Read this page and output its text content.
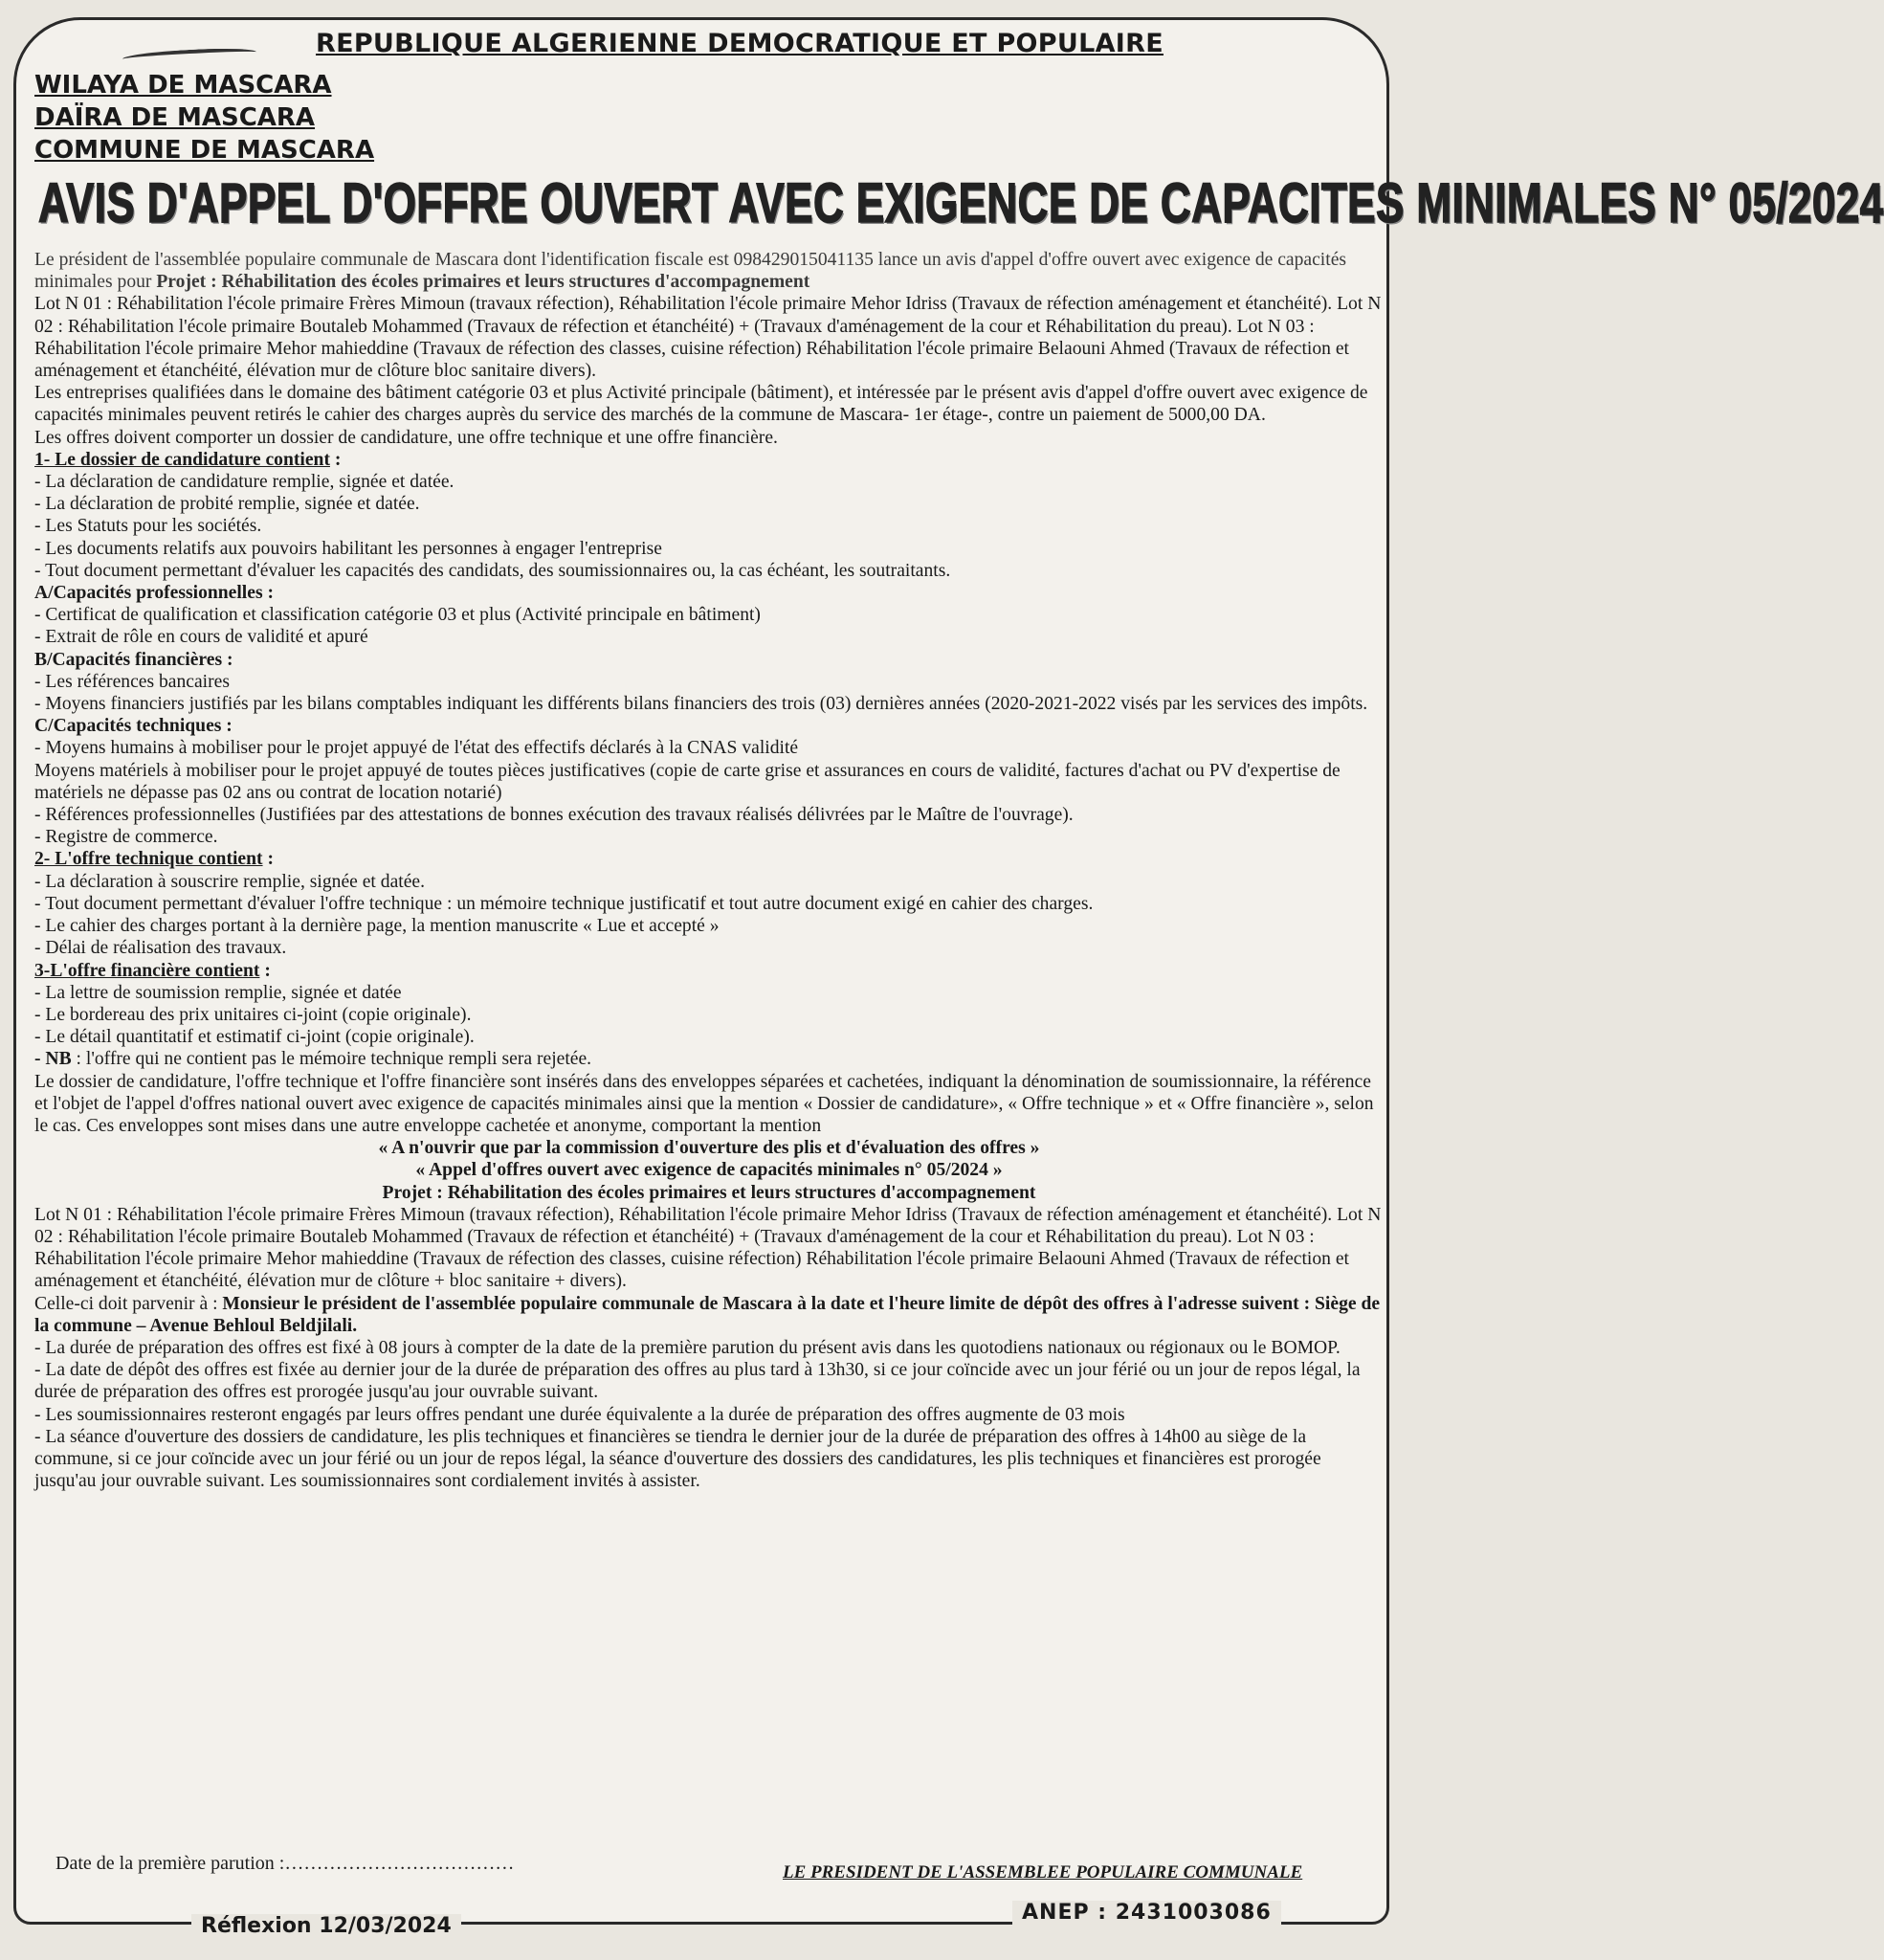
REPUBLIQUE ALGERIENNE DEMOCRATIQUE ET POPULAIRE
WILAYA DE MASCARA
DAÏRA DE MASCARA
COMMUNE DE MASCARA
AVIS D'APPEL D'OFFRE OUVERT AVEC EXIGENCE DE CAPACITES MINIMALES N° 05/2024

Le président de l'assemblée populaire communale de Mascara dont l'identification fiscale est 098429015041135 lance un avis d'appel d'offre ouvert avec exigence de capacités minimales pour Projet : Réhabilitation des écoles primaires et leurs structures d'accompagnement

Lot N 01 : Réhabilitation l'école primaire Frères Mimoun (travaux réfection), Réhabilitation l'école primaire Mehor Idriss (Travaux de réfection aménagement et étanchéité). Lot N 02 : Réhabilitation l'école primaire Boutaleb Mohammed (Travaux de réfection et étanchéité) + (Travaux d'aménagement de la cour et Réhabilitation du preau). Lot N 03 : Réhabilitation l'école primaire Mehor mahieddine (Travaux de réfection des classes, cuisine réfection) Réhabilitation l'école primaire Belaouni Ahmed (Travaux de réfection et aménagement et étanchéité, élévation mur de clôture bloc sanitaire divers).

Les entreprises qualifiées dans le domaine des bâtiment catégorie 03 et plus Activité principale (bâtiment), et intéressée par le présent avis d'appel d'offre ouvert avec exigence de capacités minimales peuvent retirés le cahier des charges auprès du service des marchés de la commune de Mascara- 1er étage-, contre un paiement de 5000,00 DA.

Les offres doivent comporter un dossier de candidature, une offre technique et une offre financière.

1- Le dossier de candidature contient :

- La déclaration de candidature remplie, signée et datée.

- La déclaration de probité remplie, signée et datée.

- Les Statuts pour les sociétés.

- Les documents relatifs aux pouvoirs habilitant les personnes à engager l'entreprise

- Tout document permettant d'évaluer les capacités des candidats, des soumissionnaires ou, la cas échéant, les soutraitants.

A/Capacités professionnelles :

- Certificat de qualification et classification catégorie 03 et plus (Activité principale en bâtiment)

- Extrait de rôle en cours de validité et apuré

B/Capacités financières :

- Les références bancaires

- Moyens financiers justifiés par les bilans comptables indiquant les différents bilans financiers des trois (03) dernières années (2020-2021-2022 visés par les services des impôts.

C/Capacités techniques :

- Moyens humains à mobiliser pour le projet appuyé de l'état des effectifs déclarés à la CNAS validité

Moyens matériels à mobiliser pour le projet appuyé de toutes pièces justificatives (copie de carte grise et assurances en cours de validité, factures d'achat ou PV d'expertise de matériels ne dépasse pas 02 ans ou contrat de location notarié)

- Références professionnelles (Justifiées par des attestations de bonnes exécution des travaux réalisés délivrées par le Maître de l'ouvrage).

- Registre de commerce.

2- L'offre technique contient :

- La déclaration à souscrire remplie, signée et datée.

- Tout document permettant d'évaluer l'offre technique : un mémoire technique justificatif et tout autre document exigé en cahier des charges.

- Le cahier des charges portant à la dernière page, la mention manuscrite « Lue et accepté »

- Délai de réalisation des travaux.

3-L'offre financière contient :

- La lettre de soumission remplie, signée et datée

- Le bordereau des prix unitaires ci-joint (copie originale).

- Le détail quantitatif et estimatif ci-joint (copie originale).

- NB : l'offre qui ne contient pas le mémoire technique rempli sera rejetée.

Le dossier de candidature, l'offre technique et l'offre financière sont insérés dans des enveloppes séparées et cachetées, indiquant la dénomination de soumissionnaire, la référence et l'objet de l'appel d'offres national ouvert avec exigence de capacités minimales ainsi que la mention « Dossier de candidature», « Offre technique » et « Offre financière », selon le cas. Ces enveloppes sont mises dans une autre enveloppe cachetée et anonyme, comportant la mention

« A n'ouvrir que par la commission d'ouverture des plis et d'évaluation des offres »

« Appel d'offres ouvert avec exigence de capacités minimales n° 05/2024 »

Projet : Réhabilitation des écoles primaires et leurs structures d'accompagnement

Lot N 01 : Réhabilitation l'école primaire Frères Mimoun (travaux réfection), Réhabilitation l'école primaire Mehor Idriss (Travaux de réfection aménagement et étanchéité). Lot N 02 : Réhabilitation l'école primaire Boutaleb Mohammed (Travaux de réfection et étanchéité) + (Travaux d'aménagement de la cour et Réhabilitation du preau). Lot N 03 : Réhabilitation l'école primaire Mehor mahieddine (Travaux de réfection des classes, cuisine réfection) Réhabilitation l'école primaire Belaouni Ahmed (Travaux de réfection et aménagement et étanchéité, élévation mur de clôture + bloc sanitaire + divers).

Celle-ci doit parvenir à : Monsieur le président de l'assemblée populaire communale de Mascara à la date et l'heure limite de dépôt des offres à l'adresse suivent : Siège de la commune – Avenue Behloul Beldjilali.

- La durée de préparation des offres est fixé à 08 jours à compter de la date de la première parution du présent avis dans les quotodiens nationaux ou régionaux ou le BOMOP.

- La date de dépôt des offres est fixée au dernier jour de la durée de préparation des offres au plus tard à 13h30, si ce jour coïncide avec un jour férié ou un jour de repos légal, la durée de préparation des offres est prorogée jusqu'au jour ouvrable suivant.

- Les soumissionnaires resteront engagés par leurs offres pendant une durée équivalente a la durée de préparation des offres augmente de 03 mois

- La séance d'ouverture des dossiers de candidature, les plis techniques et financières se tiendra le dernier jour de la durée de préparation des offres à 14h00 au siège de la commune, si ce jour coïncide avec un jour férié ou un jour de repos légal, la séance d'ouverture des dossiers des candidatures, les plis techniques et financières est prorogée jusqu'au jour ouvrable suivant. Les soumissionnaires sont cordialement invités à assister.

Date de la première parution :………………………………	LE PRESIDENT DE L'ASSEMBLEE POPULAIRE COMMUNALE
Réflexion 12/03/2024
ANEP : 2431003086
